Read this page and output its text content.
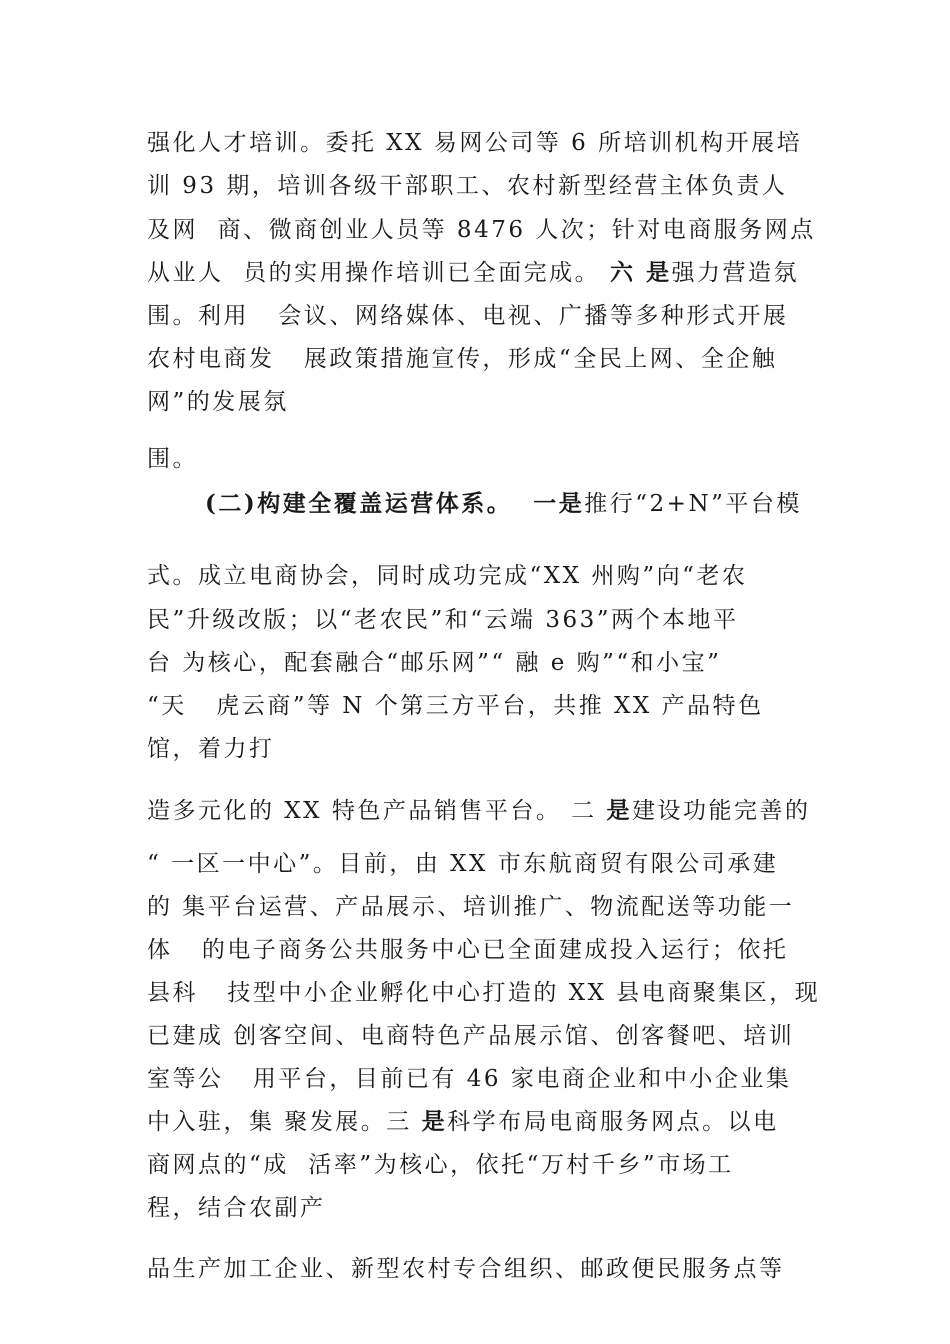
强化人才培训。委托 XX 易网公司等 6 所培训机构开展培
训 93 期，培训各级干部职工、农村新型经营主体负责人
及网  商、微商创业人员等 8476 人次；针对电商服务网点
从业人  员的实用操作培训已全面完成。 六 是强力营造氛
围。利用   会议、网络媒体、电视、广播等多种形式开展
农村电商发   展政策措施宣传，形成“全民上网、全企触
网”的发展氛
围。
(二)构建全覆盖运营体系。  一是推行“2+N”平台模
式。成立电商协会，同时成功完成“XX 州购”向“老农
民”升级改版；以“老农民”和“云端 363”两个本地平
台 为核心，配套融合“邮乐网”“ 融 e 购”“和小宝”
“天   虎云商”等 N 个第三方平台，共推 XX 产品特色
馆，着力打
造多元化的 XX 特色产品销售平台。 二 是建设功能完善的
“ 一区一中心”。目前，由 XX 市东航商贸有限公司承建
的 集平台运营、产品展示、培训推广、物流配送等功能一
体   的电子商务公共服务中心已全面建成投入运行；依托
县科   技型中小企业孵化中心打造的 XX 县电商聚集区，现
已建成 创客空间、电商特色产品展示馆、创客餐吧、培训
室等公   用平台，目前已有 46 家电商企业和中小企业集
中入驻，集 聚发展。三 是科学布局电商服务网点。以电
商网点的“成  活率”为核心，依托“万村千乡”市场工
程，结合农副产
品生产加工企业、新型农村专合组织、邮政便民服务点等
